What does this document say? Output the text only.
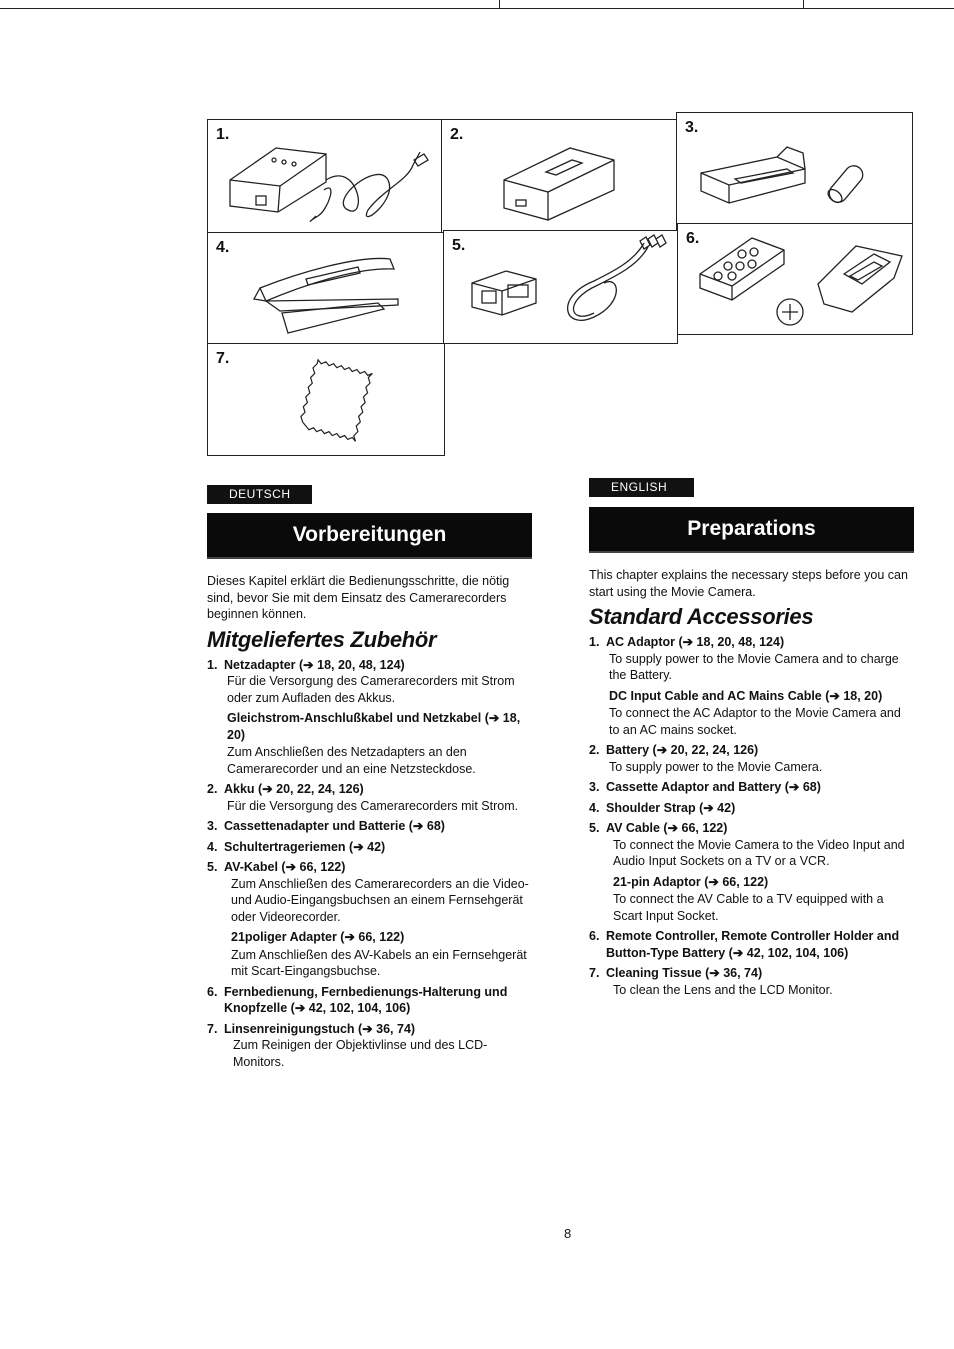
1.	2.	3.
4.	5.	6.
7.
DEUTSCH
Vorbereitungen

Dieses Kapitel erklärt die Bedienungsschritte, die nötig sind, bevor Sie mit dem Einsatz des Camerarecorders beginnen können.

Mitgeliefertes Zubehör
1. Netzadapter (➔ 18, 20, 48, 124)
Für die Versorgung des Camerarecorders mit Strom oder zum Aufladen des Akkus.
Gleichstrom-Anschlußkabel und Netzkabel (➔ 18, 20)
Zum Anschließen des Netzadapters an den Camerarecorder und an eine Netzsteckdose.
2. Akku (➔ 20, 22, 24, 126)
Für die Versorgung des Camerarecorders mit Strom.
3. Cassettenadapter und Batterie (➔ 68)
4. Schultertrageriemen (➔ 42)
5. AV-Kabel (➔ 66, 122)
Zum Anschließen des Camerarecorders an die Video- und Audio-Eingangsbuchsen an einem Fernsehgerät oder Videorecorder.
21poliger Adapter (➔ 66, 122)
Zum Anschließen des AV-Kabels an ein Fernsehgerät mit Scart-Eingangsbuchse.
6. Fernbedienung, Fernbedienungs-Halterung und Knopfzelle (➔ 42, 102, 104, 106)
7. Linsenreinigungstuch (➔ 36, 74)
Zum Reinigen der Objektivlinse und des LCD-Monitors.
ENGLISH
Preparations

This chapter explains the necessary steps before you can start using the Movie Camera.

Standard Accessories
1. AC Adaptor (➔ 18, 20, 48, 124)
To supply power to the Movie Camera and to charge the Battery.
DC Input Cable and AC Mains Cable (➔ 18, 20)
To connect the AC Adaptor to the Movie Camera and to an AC mains socket.
2. Battery (➔ 20, 22, 24, 126)
To supply power to the Movie Camera.
3. Cassette Adaptor and Battery (➔ 68)
4. Shoulder Strap (➔ 42)
5. AV Cable (➔ 66, 122)
To connect the Movie Camera to the Video Input and Audio Input Sockets on a TV or a VCR.
21-pin Adaptor (➔ 66, 122)
To connect the AV Cable to a TV equipped with a Scart Input Socket.
6. Remote Controller, Remote Controller Holder and Button-Type Battery (➔ 42, 102, 104, 106)
7. Cleaning Tissue (➔ 36, 74)
To clean the Lens and the LCD Monitor.
8
